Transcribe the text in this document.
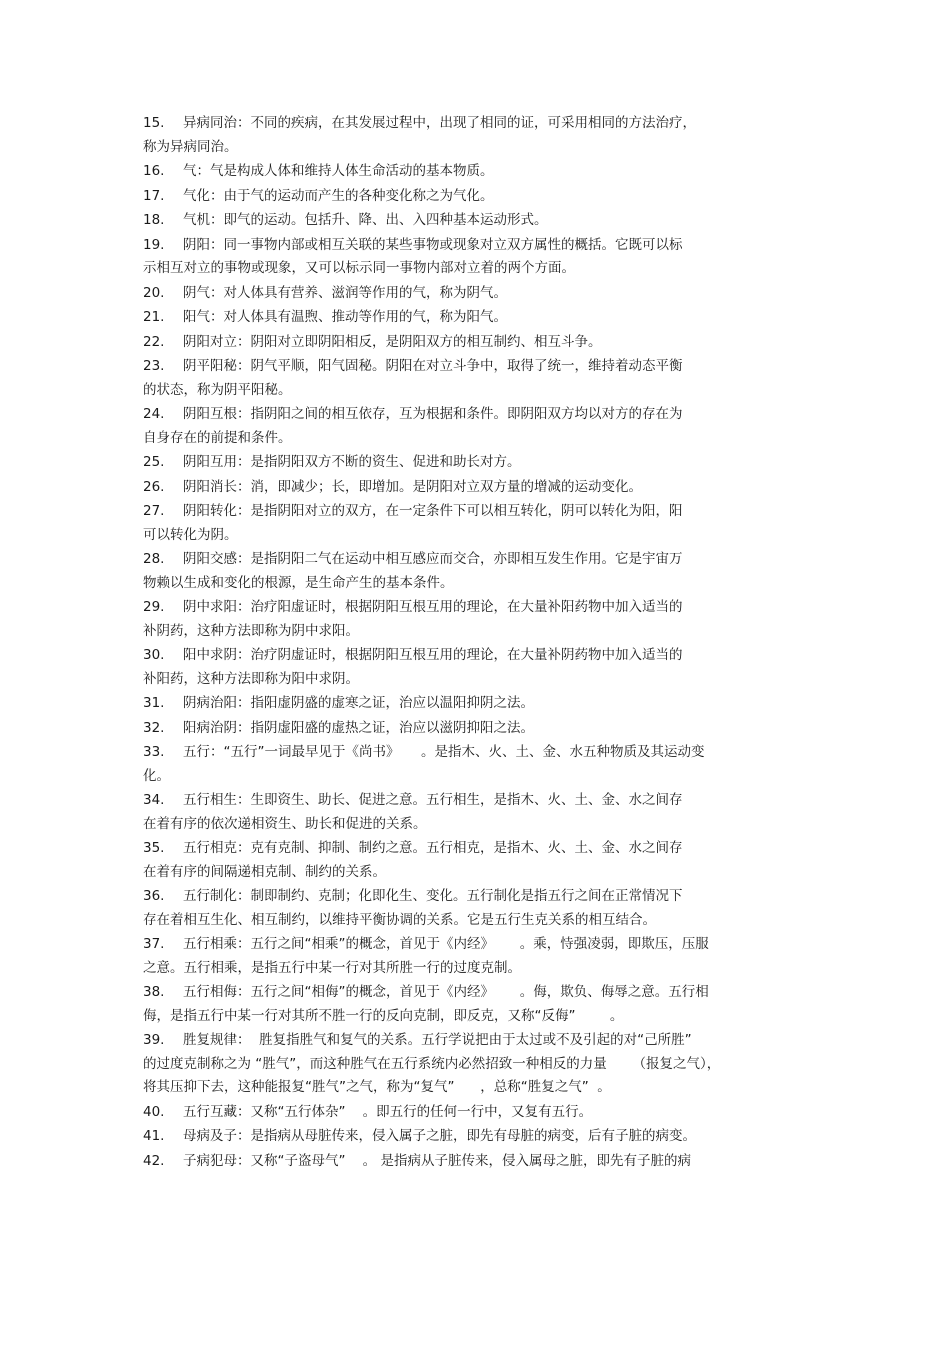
15. 异病同治：不同的疾病，在其发展过程中，出现了相同的证，可采用相同的方法治疗，
称为异病同治。
16. 气：气是构成人体和维持人体生命活动的基本物质。
17. 气化：由于气的运动而产生的各种变化称之为气化。
18. 气机：即气的运动。包括升、降、出、入四种基本运动形式。
19. 阴阳：同一事物内部或相互关联的某些事物或现象对立双方属性的概括。它既可以标
示相互对立的事物或现象，又可以标示同一事物内部对立着的两个方面。
20. 阴气：对人体具有营养、滋润等作用的气，称为阴气。
21. 阳气：对人体具有温煦、推动等作用的气，称为阳气。
22. 阴阳对立：阴阳对立即阴阳相反，是阴阳双方的相互制约、相互斗争。
23. 阴平阳秘：阴气平顺，阳气固秘。阴阳在对立斗争中，取得了统一，维持着动态平衡
的状态，称为阴平阳秘。
24. 阴阳互根：指阴阳之间的相互依存，互为根据和条件。即阴阳双方均以对方的存在为
自身存在的前提和条件。
25. 阴阳互用：是指阴阳双方不断的资生、促进和助长对方。
26. 阴阳消长：消，即减少；长，即增加。是阴阳对立双方量的增减的运动变化。
27. 阴阳转化：是指阴阳对立的双方，在一定条件下可以相互转化，阴可以转化为阳，阳
可以转化为阴。
28. 阴阳交感：是指阴阳二气在运动中相互感应而交合，亦即相互发生作用。它是宇宙万
物赖以生成和变化的根源，是生命产生的基本条件。
29. 阴中求阳：治疗阳虚证时，根据阴阳互根互用的理论，在大量补阳药物中加入适当的
补阴药，这种方法即称为阴中求阳。
30. 阳中求阴：治疗阴虚证时，根据阴阳互根互用的理论，在大量补阴药物中加入适当的
补阳药，这种方法即称为阳中求阴。
31. 阴病治阳：指阳虚阴盛的虚寒之证，治应以温阳抑阴之法。
32. 阳病治阴：指阴虚阳盛的虚热之证，治应以滋阴抑阳之法。
33. 五行：“五行”一词最早见于《尚书》     。是指木、火、土、金、水五种物质及其运动变
化。
34. 五行相生：生即资生、助长、促进之意。五行相生，是指木、火、土、金、水之间存
在着有序的依次递相资生、助长和促进的关系。
35. 五行相克：克有克制、抑制、制约之意。五行相克，是指木、火、土、金、水之间存
在着有序的间隔递相克制、制约的关系。
36. 五行制化：制即制约、克制；化即化生、变化。五行制化是指五行之间在正常情况下
存在着相互生化、相互制约，以维持平衡协调的关系。它是五行生克关系的相互结合。
37. 五行相乘：五行之间“相乘”的概念，首见于《内经》      。乘，恃强凌弱，即欺压，压服
之意。五行相乘，是指五行中某一行对其所胜一行的过度克制。
38. 五行相侮：五行之间“相侮”的概念，首见于《内经》      。侮，欺负、侮辱之意。五行相
侮，是指五行中某一行对其所不胜一行的反向克制，即反克，又称“反侮”        。
39. 胜复规律：  胜复指胜气和复气的关系。五行学说把由于太过或不及引起的对“己所胜”
的过度克制称之为 “胜气”，而这种胜气在五行系统内必然招致一种相反的力量      （报复之气），
将其压抑下去，这种能报复“胜气”之气，称为“复气”      ，总称“胜复之气”  。
40. 五行互藏：又称“五行体杂”    。即五行的任何一行中，又复有五行。
41. 母病及子：是指病从母脏传来，侵入属子之脏，即先有母脏的病变，后有子脏的病变。
42. 子病犯母：又称“子盗母气”    。 是指病从子脏传来，侵入属母之脏，即先有子脏的病
